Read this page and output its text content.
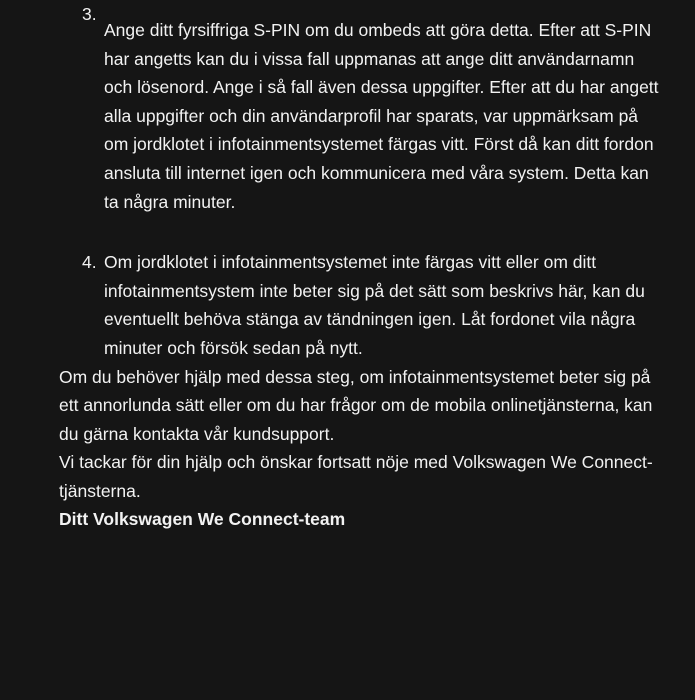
3.
Ange ditt fyrsiffriga S-PIN om du ombeds att göra detta. Efter att S-PIN har angetts kan du i vissa fall uppmanas att ange ditt användarnamn och lösenord. Ange i så fall även dessa uppgifter. Efter att du har angett alla uppgifter och din användarprofil har sparats, var uppmärksam på om jordklotet i infotainmentsystemet färgas vitt. Först då kan ditt fordon ansluta till internet igen och kommunicera med våra system. Detta kan ta några minuter.
4. Om jordklotet i infotainmentsystemet inte färgas vitt eller om ditt infotainmentsystem inte beter sig på det sätt som beskrivs här, kan du eventuellt behöva stänga av tändningen igen. Låt fordonet vila några minuter och försök sedan på nytt.

Om du behöver hjälp med dessa steg, om infotainmentsystemet beter sig på ett annorlunda sätt eller om du har frågor om de mobila onlinetjänsterna, kan du gärna kontakta vår kundsupport.

Vi tackar för din hjälp och önskar fortsatt nöje med Volkswagen We Connect-tjänsterna.

Ditt Volkswagen We Connect-team
